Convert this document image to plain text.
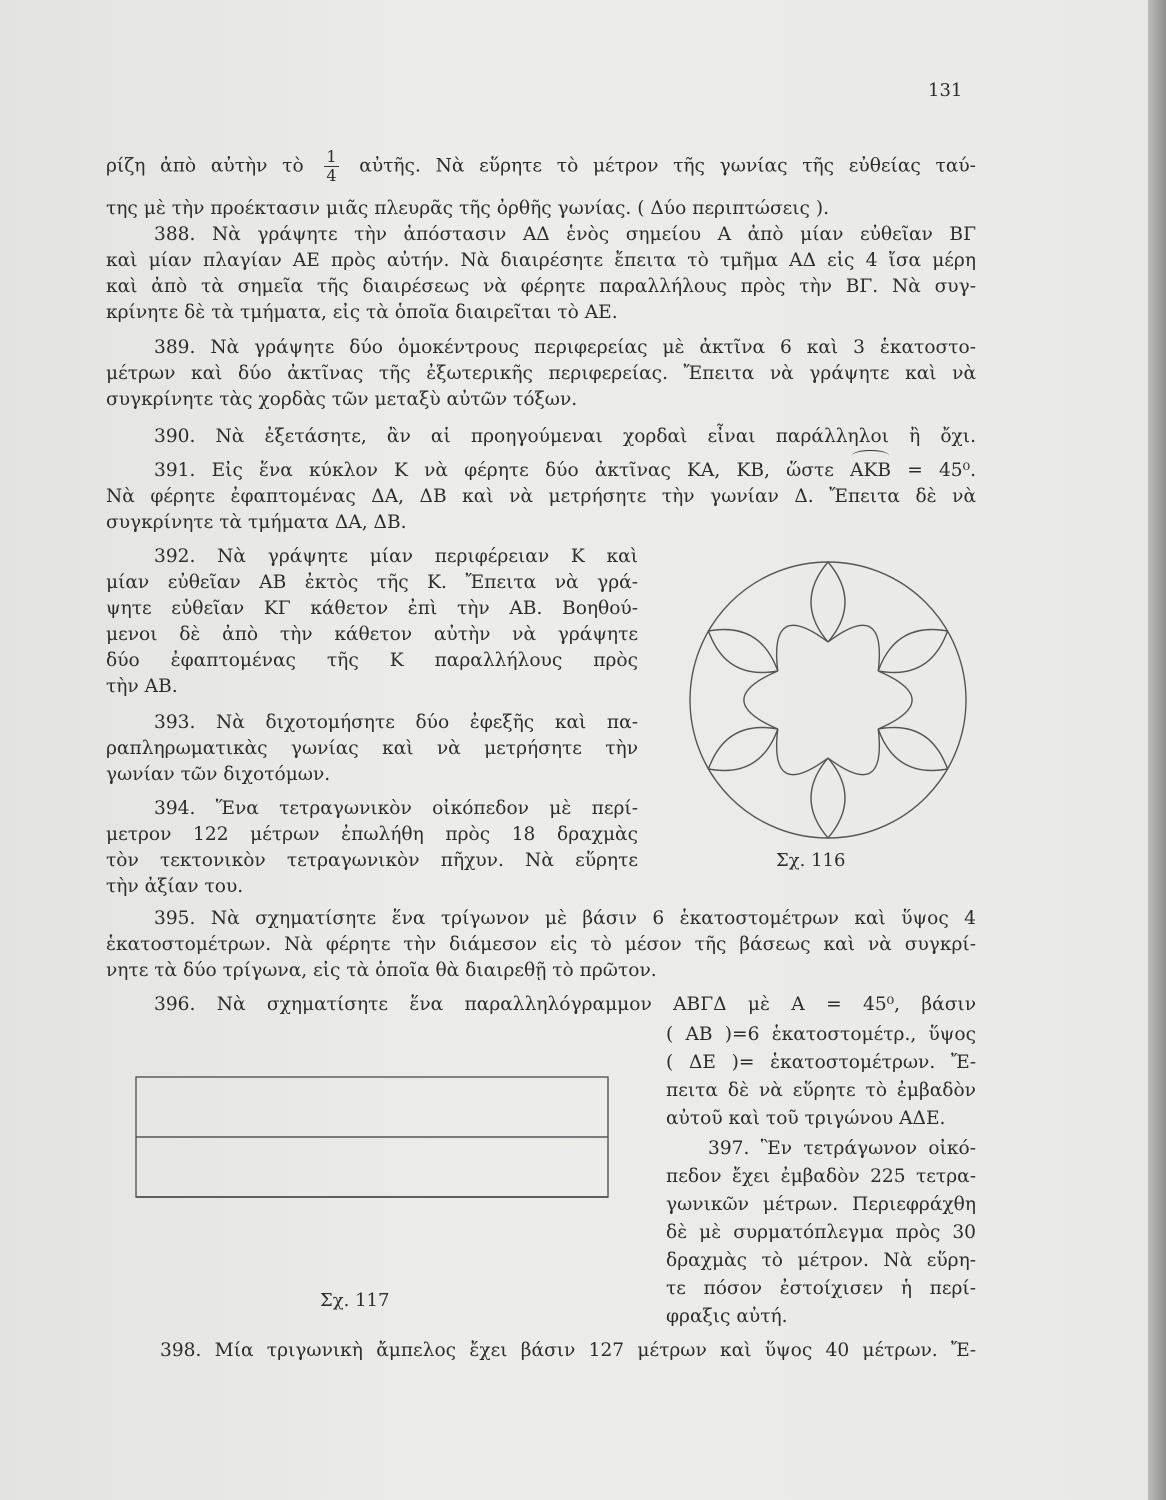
131
ρίζη ἀπὸ αὐτὴν τὸ $\frac{1}{4}$ αὐτῆς. Νὰ εὕρητε τὸ μέτρον τῆς γωνίας τῆς εὐθείας ταύ-
της μὲ τὴν προέκτασιν μιᾶς πλευρᾶς τῆς ὀρθῆς γωνίας. ( Δύο περιπτώσεις ).
388. Νὰ γράψητε τὴν ἀπόστασιν ΑΔ ἑνὸς σημείου Α ἀπὸ μίαν εὐθεῖαν ΒΓ
καὶ μίαν πλαγίαν ΑΕ πρὸς αὐτήν. Νὰ διαιρέσητε ἔπειτα τὸ τμῆμα ΑΔ εἰς 4 ἴσα μέρη
καὶ ἀπὸ τὰ σημεῖα τῆς διαιρέσεως νὰ φέρητε παραλλήλους πρὸς τὴν ΒΓ. Νὰ συγ-
κρίνητε δὲ τὰ τμήματα, εἰς τὰ ὁποῖα διαιρεῖται τὸ ΑΕ.
389. Νὰ γράψητε δύο ὁμοκέντρους περιφερείας μὲ ἀκτῖνα 6 καὶ 3 ἑκατοστο-
μέτρων καὶ δύο ἀκτῖνας τῆς ἐξωτερικῆς περιφερείας. Ἔπειτα νὰ γράψητε καὶ νὰ
συγκρίνητε τὰς χορδὰς τῶν μεταξὺ αὐτῶν τόξων.
390. Νὰ ἐξετάσητε, ἂν αἱ προηγούμεναι χορδαὶ εἶναι παράλληλοι ἢ ὄχι.
391. Εἰς ἕνα κύκλον Κ νὰ φέρητε δύο ἀκτῖνας ΚΑ, ΚΒ, ὥστε ΑΚΒ = 45⁰.
Νὰ φέρητε ἐφαπτομένας ΔΑ, ΔΒ καὶ νὰ μετρήσητε τὴν γωνίαν Δ. Ἔπειτα δὲ νὰ
συγκρίνητε τὰ τμήματα ΔΑ, ΔΒ.
392. Νὰ γράψητε μίαν περιφέρειαν Κ καὶ
μίαν εὐθεῖαν ΑΒ ἐκτὸς τῆς Κ. Ἔπειτα νὰ γρά-
ψητε εὐθεῖαν ΚΓ κάθετον ἐπὶ τὴν ΑΒ. Βοηθού-
μενοι δὲ ἀπὸ τὴν κάθετον αὐτὴν νὰ γράψητε
δύο ἐφαπτομένας τῆς Κ παραλλήλους πρὸς
τὴν ΑΒ.
393. Νὰ διχοτομήσητε δύο ἐφεξῆς καὶ πα-
ραπληρωματικὰς γωνίας καὶ νὰ μετρήσητε τὴν
γωνίαν τῶν διχοτόμων.
394. Ἕνα τετραγωνικὸν οἰκόπεδον μὲ περί-
μετρον 122 μέτρων ἐπωλήθη πρὸς 18 δραχμὰς
τὸν τεκτονικὸν τετραγωνικὸν πῆχυν. Νὰ εὕρητε
τὴν ἀξίαν του.
395. Νὰ σχηματίσητε ἕνα τρίγωνον μὲ βάσιν 6 ἑκατοστομέτρων καὶ ὕψος 4
ἑκατοστομέτρων. Νὰ φέρητε τὴν διάμεσον εἰς τὸ μέσον τῆς βάσεως καὶ νὰ συγκρί-
νητε τὰ δύο τρίγωνα, εἰς τὰ ὁποῖα θὰ διαιρεθῇ τὸ πρῶτον.
396. Νὰ σχηματίσητε ἕνα παραλληλόγραμμον ΑΒΓΔ μὲ Α = 45⁰, βάσιν
( ΑΒ )=6 ἑκατοστομέτρ., ὕψος
( ΔΕ )= ἑκατοστομέτρων. Ἔ-
πειτα δὲ νὰ εὕρητε τὸ ἐμβαδὸν
αὐτοῦ καὶ τοῦ τριγώνου ΑΔΕ.
397. Ἓν τετράγωνον οἰκό-
πεδον ἔχει ἐμβαδὸν 225 τετρα-
γωνικῶν μέτρων. Περιεφράχθη
δὲ μὲ συρματόπλεγμα πρὸς 30
δραχμὰς τὸ μέτρον. Νὰ εὕρη-
τε πόσον ἐστοίχισεν ἡ περί-
φραξις αὐτή.
398. Μία τριγωνικὴ ἄμπελος ἔχει βάσιν 127 μέτρων καὶ ὕψος 40 μέτρων. Ἔ-
Σχ. 116
Σχ. 117
